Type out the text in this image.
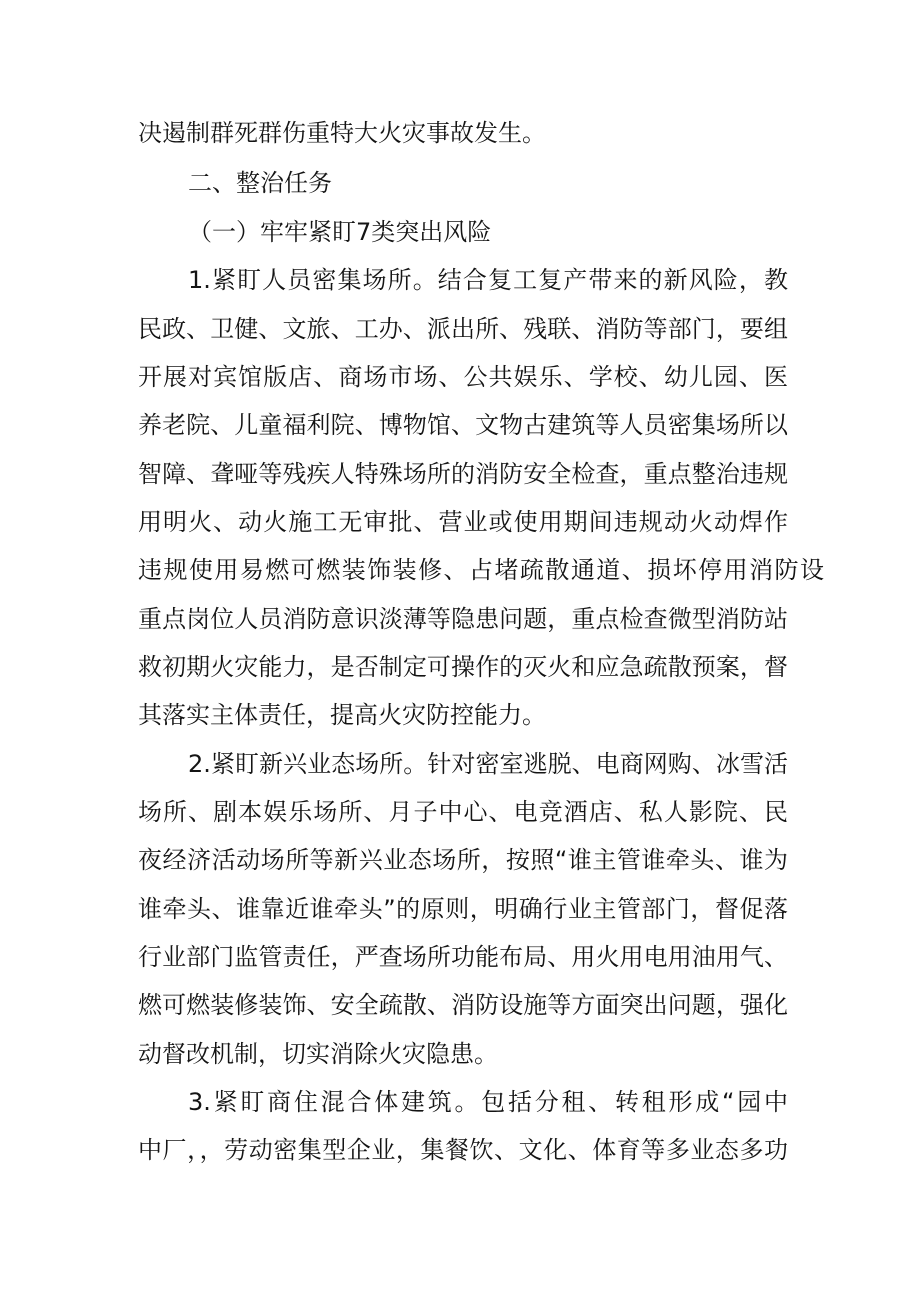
决遏制群死群伤重特大火灾事故发生。
二、整治任务
（一）牢牢紧盯7类突出风险
1.紧盯人员密集场所。结合复工复产带来的新风险，教
民政、卫健、文旅、工办、派出所、残联、消防等部门，要组
开展对宾馆版店、商场市场、公共娱乐、学校、幼儿园、医
养老院、儿童福利院、博物馆、文物古建筑等人员密集场所以
智障、聋哑等残疾人特殊场所的消防安全检查，重点整治违规
用明火、动火施工无审批、营业或使用期间违规动火动焊作
违规使用易燃可燃装饰装修、占堵疏散通道、损坏停用消防设
重点岗位人员消防意识淡薄等隐患问题，重点检查微型消防站
救初期火灾能力，是否制定可操作的灭火和应急疏散预案，督
其落实主体责任，提高火灾防控能力。
2.紧盯新兴业态场所。针对密室逃脱、电商网购、冰雪活
场所、剧本娱乐场所、月子中心、电竞酒店、私人影院、民
夜经济活动场所等新兴业态场所，按照“谁主管谁牵头、谁为
谁牵头、谁靠近谁牵头”的原则，明确行业主管部门，督促落
行业部门监管责任，严查场所功能布局、用火用电用油用气、
燃可燃装修装饰、安全疏散、消防设施等方面突出问题，强化
动督改机制，切实消除火灾隐患。
3.紧盯商住混合体建筑。包括分租、转租形成“园中
中厂，，劳动密集型企业，集餐饮、文化、体育等多业态多功
